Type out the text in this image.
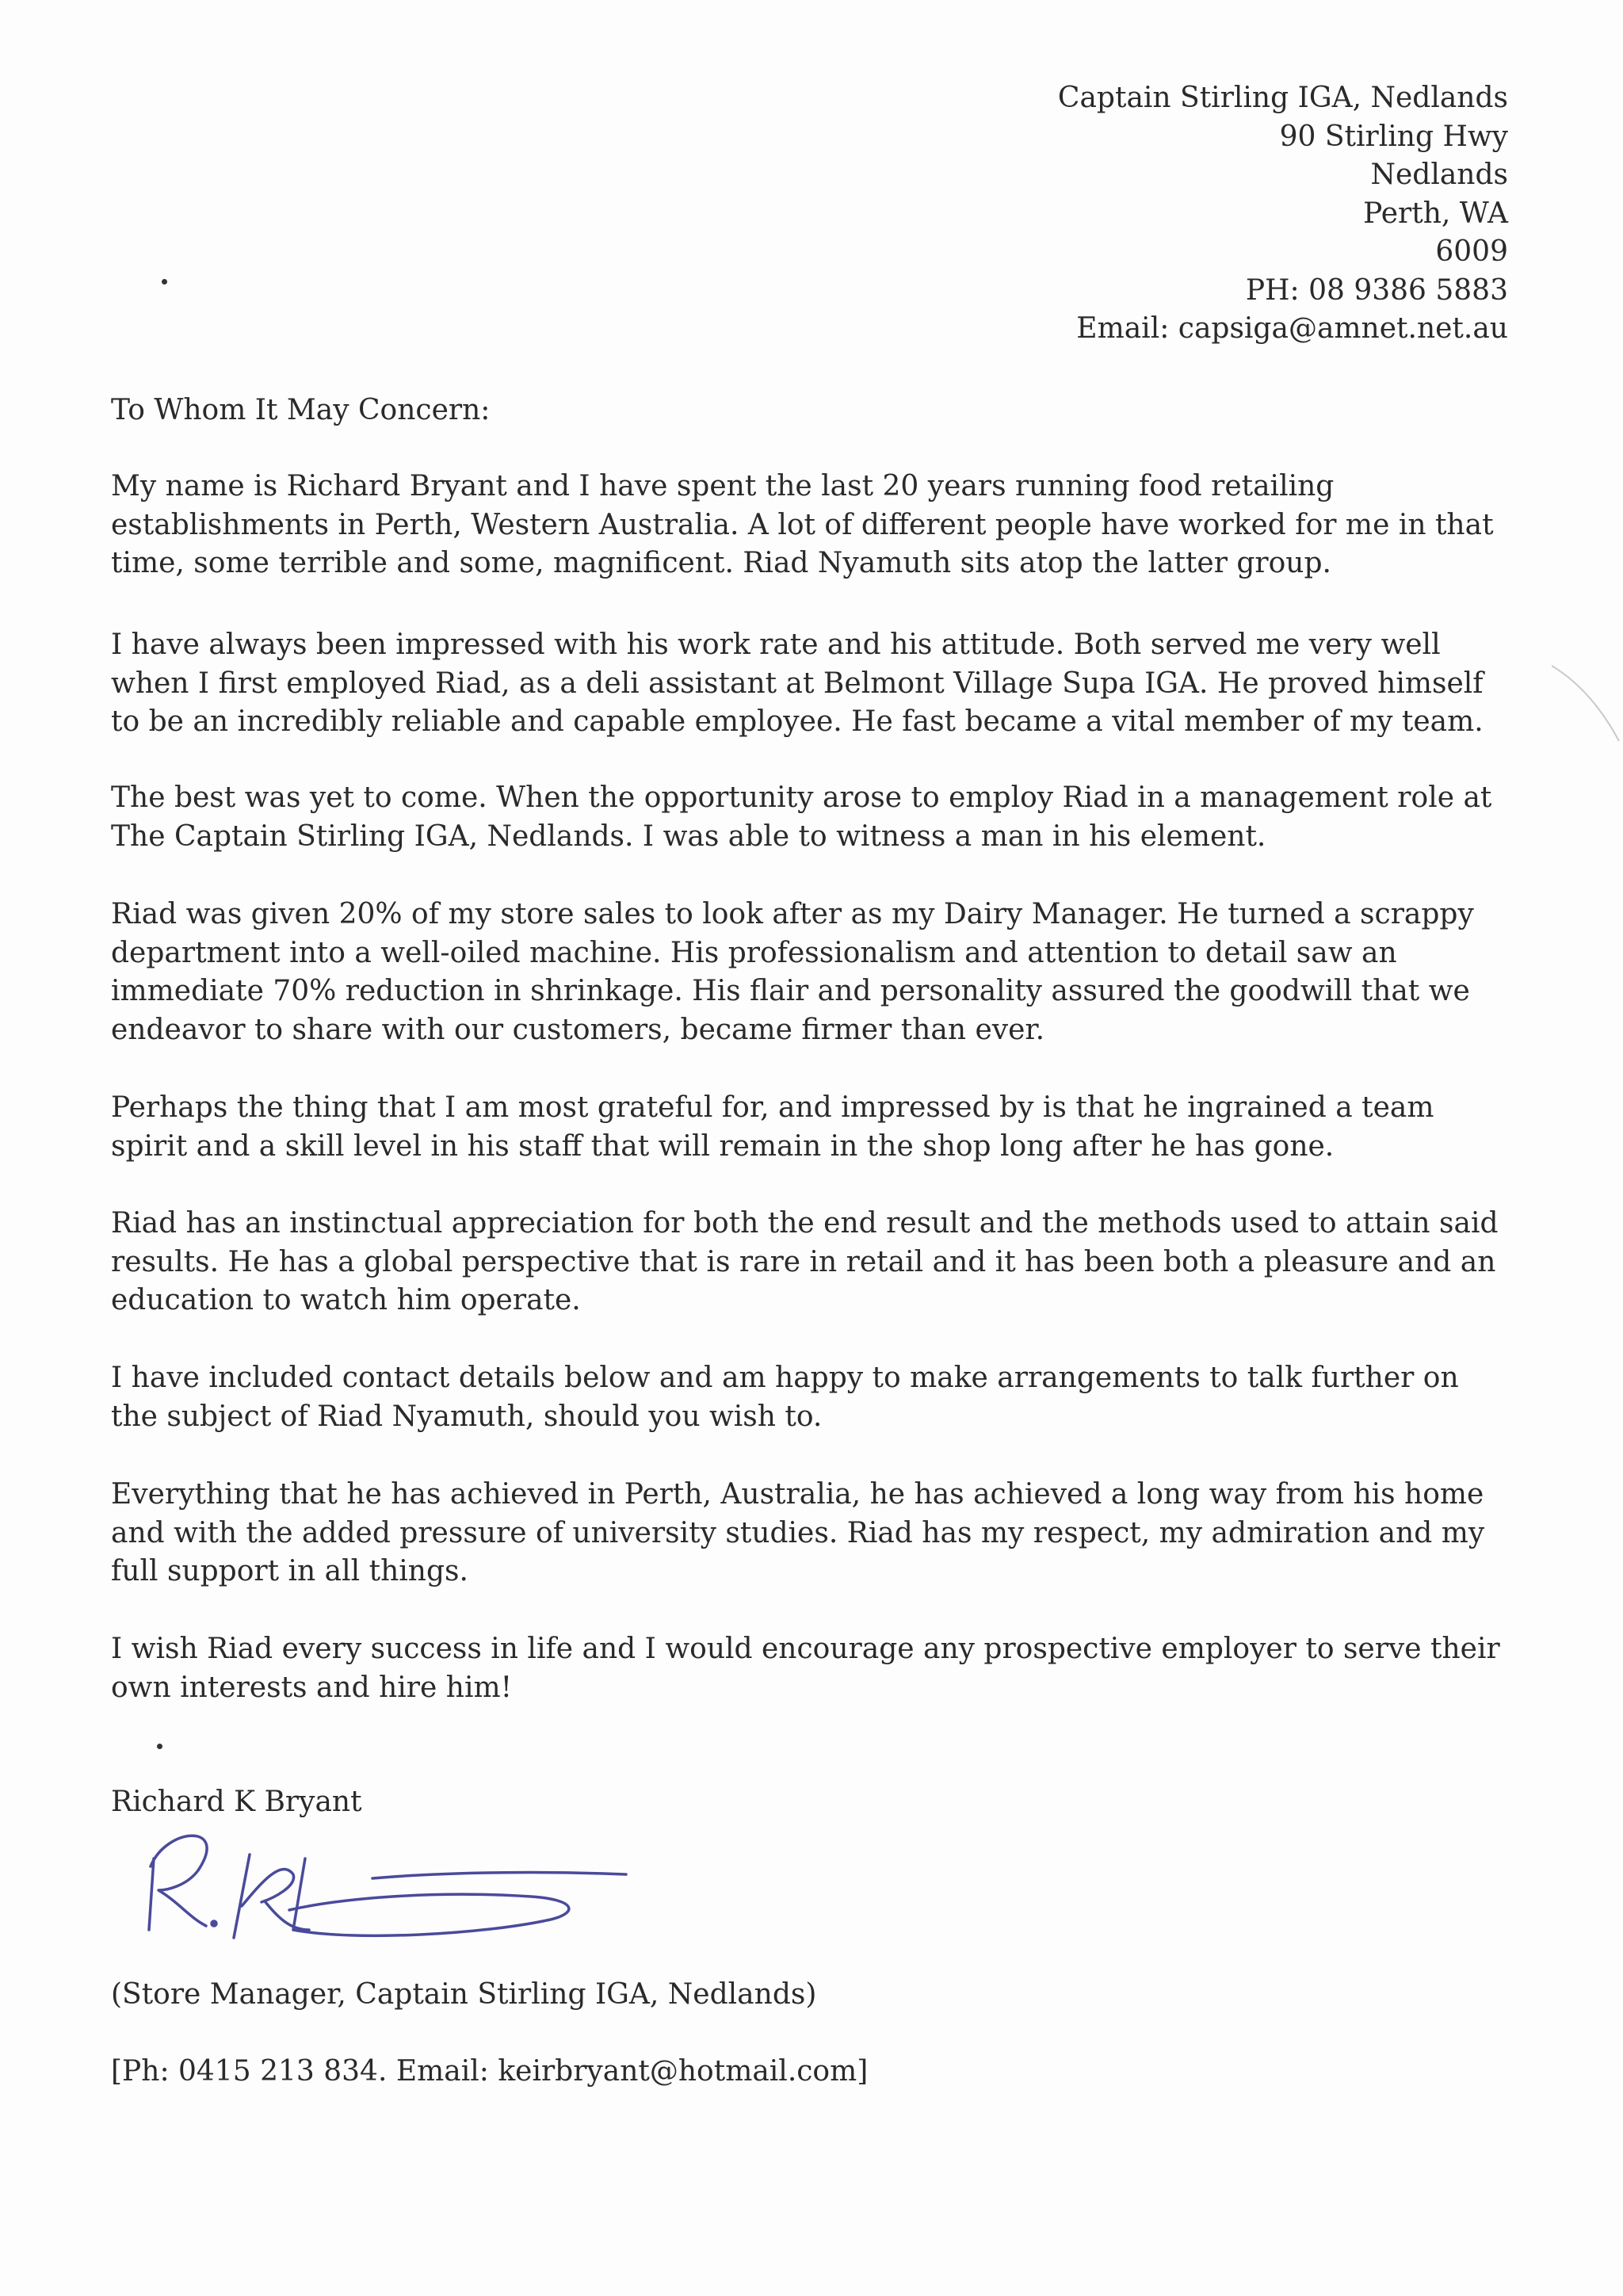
Captain Stirling IGA, Nedlands
90 Stirling Hwy
Nedlands
Perth, WA
6009
PH: 08 9386 5883
Email: capsiga@amnet.net.au
To Whom It May Concern:

My name is Richard Bryant and I have spent the last 20 years running food retailing establishments in Perth, Western Australia. A lot of different people have worked for me in that time, some terrible and some, magnificent. Riad Nyamuth sits atop the latter group.

I have always been impressed with his work rate and his attitude. Both served me very well when I first employed Riad, as a deli assistant at Belmont Village Supa IGA. He proved himself to be an incredibly reliable and capable employee. He fast became a vital member of my team.

The best was yet to come. When the opportunity arose to employ Riad in a management role at The Captain Stirling IGA, Nedlands. I was able to witness a man in his element.

Riad was given 20% of my store sales to look after as my Dairy Manager. He turned a scrappy department into a well-oiled machine. His professionalism and attention to detail saw an immediate 70% reduction in shrinkage. His flair and personality assured the goodwill that we endeavor to share with our customers, became firmer than ever.

Perhaps the thing that I am most grateful for, and impressed by is that he ingrained a team spirit and a skill level in his staff that will remain in the shop long after he has gone.

Riad has an instinctual appreciation for both the end result and the methods used to attain said results. He has a global perspective that is rare in retail and it has been both a pleasure and an education to watch him operate.

I have included contact details below and am happy to make arrangements to talk further on the subject of Riad Nyamuth, should you wish to.

Everything that he has achieved in Perth, Australia, he has achieved a long way from his home and with the added pressure of university studies. Riad has my respect, my admiration and my full support in all things.

I wish Riad every success in life and I would encourage any prospective employer to serve their own interests and hire him!

Richard K Bryant
(Store Manager, Captain Stirling IGA, Nedlands)
[Ph: 0415 213 834. Email: keirbryant@hotmail.com]
